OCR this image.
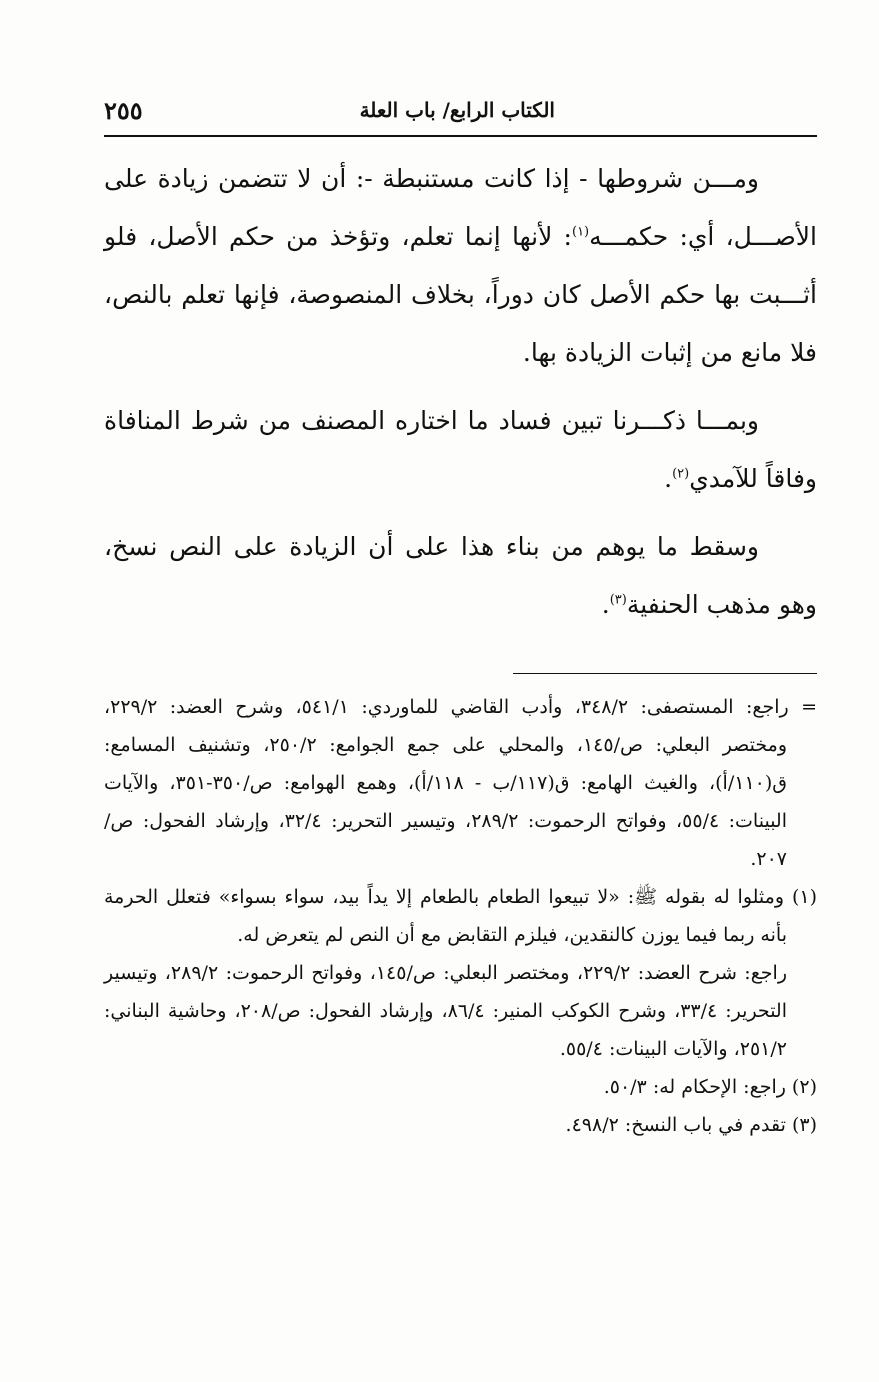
الكتاب الرابع/ باب العلة
٢٥٥

ومـــن شروطها - إذا كانت مستنبطة -: أن لا تتضمن زيادة على الأصـــل، أي: حكمـــه$^{(١)}$: لأنها إنما تعلم، وتؤخذ من حكم الأصل، فلو أثـــبت بها حكم الأصل كان دوراً، بخلاف المنصوصة، فإنها تعلم بالنص، فلا مانع من إثبات الزيادة بها.

وبمـــا ذكـــرنا تبين فساد ما اختاره المصنف من شرط المنافاة وفاقاً للآمدي$^{(٢)}$.

وسقط ما يوهم من بناء هذا على أن الزيادة على النص نسخ، وهو مذهب الحنفية$^{(٣)}$.

= راجع: المستصفى: ٣٤٨/٢، وأدب القاضي للماوردي: ٥٤١/١، وشرح العضد: ٢٢٩/٢، ومختصر البعلي: ص/١٤٥، والمحلي على جمع الجوامع: ٢٥٠/٢، وتشنيف المسامع: ق(١١٠/أ)، والغيث الهامع: ق(١١٧/ب - ١١٨/أ)، وهمع الهوامع: ص/٣٥٠-٣٥١، والآيات البينات: ٥٥/٤، وفواتح الرحموت: ٢٨٩/٢، وتيسير التحرير: ٣٢/٤، وإرشاد الفحول: ص/٢٠٧.

(١) ومثلوا له بقوله ﷺ: «لا تبيعوا الطعام بالطعام إلا يداً بيد، سواء بسواء» فتعلل الحرمة بأنه ربما فيما يوزن كالنقدين، فيلزم التقابض مع أن النص لم يتعرض له.

راجع: شرح العضد: ٢٢٩/٢، ومختصر البعلي: ص/١٤٥، وفواتح الرحموت: ٢٨٩/٢، وتيسير التحرير: ٣٣/٤، وشرح الكوكب المنير: ٨٦/٤، وإرشاد الفحول: ص/٢٠٨، وحاشية البناني: ٢٥١/٢، والآيات البينات: ٥٥/٤.

(٢) راجع: الإحكام له: ٥٠/٣.

(٣) تقدم في باب النسخ: ٤٩٨/٢.
